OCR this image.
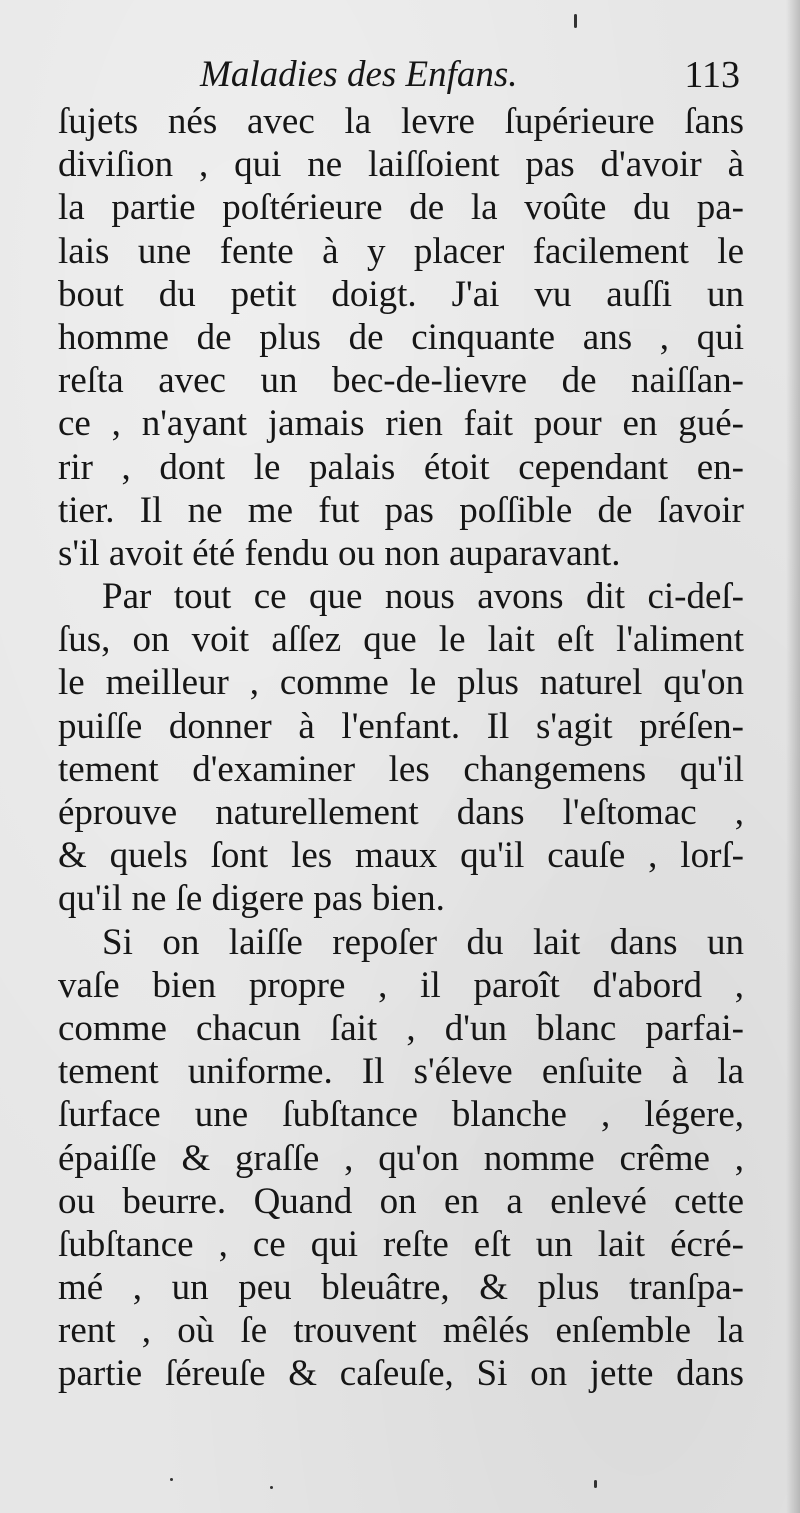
Maladies des Enfans.	113
ſujets nés avec la levre ſupérieure ſans
diviſion , qui ne laiſſoient pas d'avoir à
la partie poſtérieure de la voûte du pa-
lais une fente à y placer facilement le
bout du petit doigt. J'ai vu auſſi un
homme de plus de cinquante ans , qui
reſta avec un bec-de-lievre de naiſſan-
ce , n'ayant jamais rien fait pour en gué-
rir , dont le palais étoit cependant en-
tier. Il ne me fut pas poſſible de ſavoir
s'il avoit été fendu ou non auparavant.
Par tout ce que nous avons dit ci-deſ-
ſus, on voit aſſez que le lait eſt l'aliment
le meilleur , comme le plus naturel qu'on
puiſſe donner à l'enfant. Il s'agit préſen-
tement d'examiner les changemens qu'il
éprouve naturellement dans l'eſtomac ,
& quels ſont les maux qu'il cauſe , lorſ-
qu'il ne ſe digere pas bien.
Si on laiſſe repoſer du lait dans un
vaſe bien propre , il paroît d'abord ,
comme chacun ſait , d'un blanc parfai-
tement uniforme. Il s'éleve enſuite à la
ſurface une ſubſtance blanche , légere,
épaiſſe & graſſe , qu'on nomme crême ,
ou beurre. Quand on en a enlevé cette
ſubſtance , ce qui reſte eſt un lait écré-
mé , un peu bleuâtre, & plus tranſpa-
rent , où ſe trouvent mêlés enſemble la
partie ſéreuſe & caſeuſe, Si on jette dans
